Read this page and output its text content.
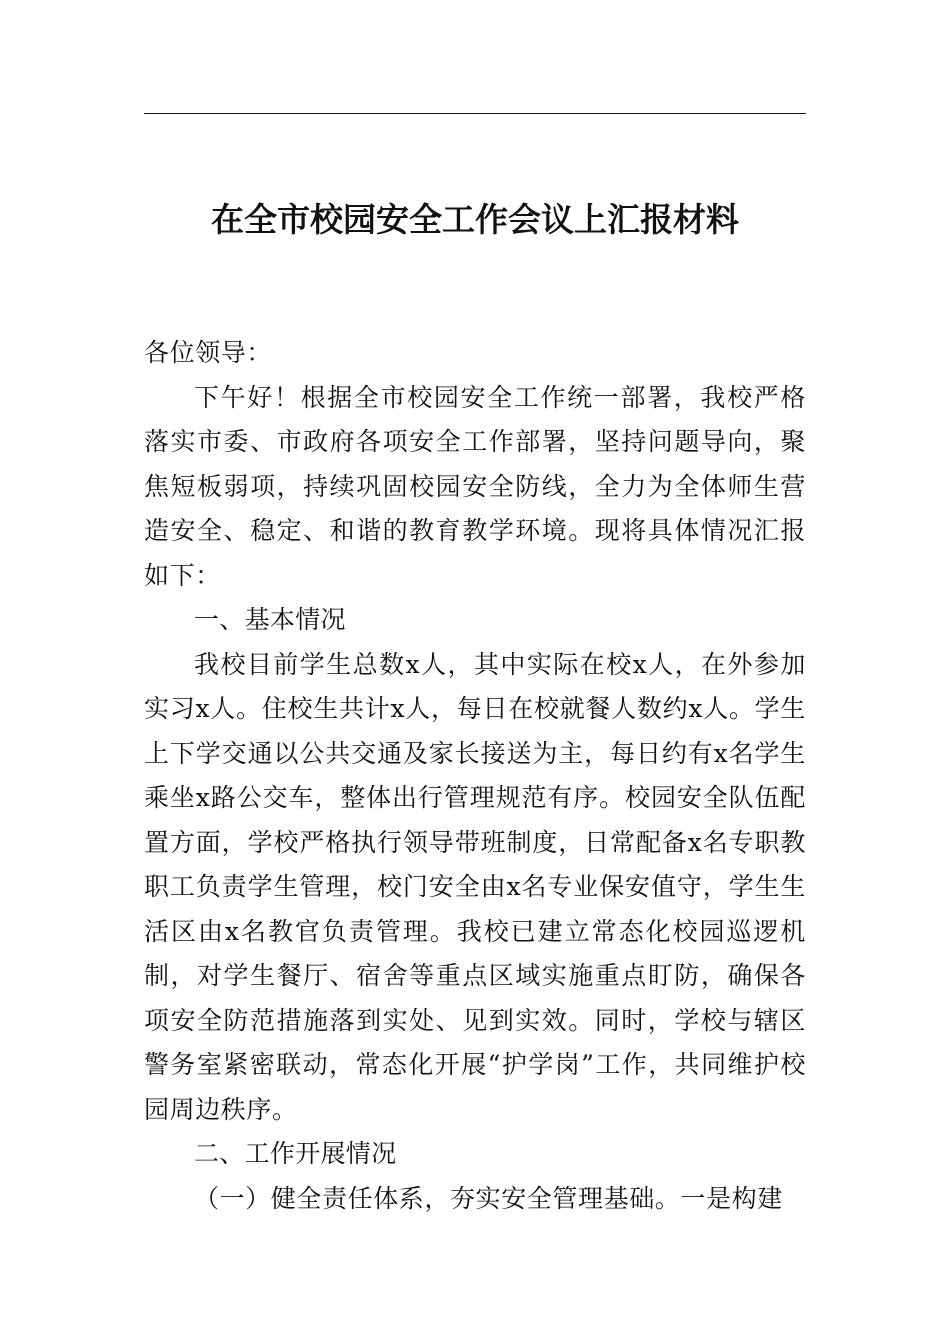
在全市校园安全工作会议上汇报材料

各位领导：

下午好！根据全市校园安全工作统一部署，我校严格落实市委、市政府各项安全工作部署，坚持问题导向，聚焦短板弱项，持续巩固校园安全防线，全力为全体师生营造安全、稳定、和谐的教育教学环境。现将具体情况汇报如下：

一、基本情况

我校目前学生总数x人，其中实际在校x人，在外参加实习x人。住校生共计x人，每日在校就餐人数约x人。学生上下学交通以公共交通及家长接送为主，每日约有x名学生乘坐x路公交车，整体出行管理规范有序。校园安全队伍配置方面，学校严格执行领导带班制度，日常配备x名专职教职工负责学生管理，校门安全由x名专业保安值守，学生生活区由x名教官负责管理。我校已建立常态化校园巡逻机制，对学生餐厅、宿舍等重点区域实施重点盯防，确保各项安全防范措施落到实处、见到实效。同时，学校与辖区警务室紧密联动，常态化开展“护学岗”工作，共同维护校园周边秩序。

二、工作开展情况

（一）健全责任体系，夯实安全管理基础。一是构建
